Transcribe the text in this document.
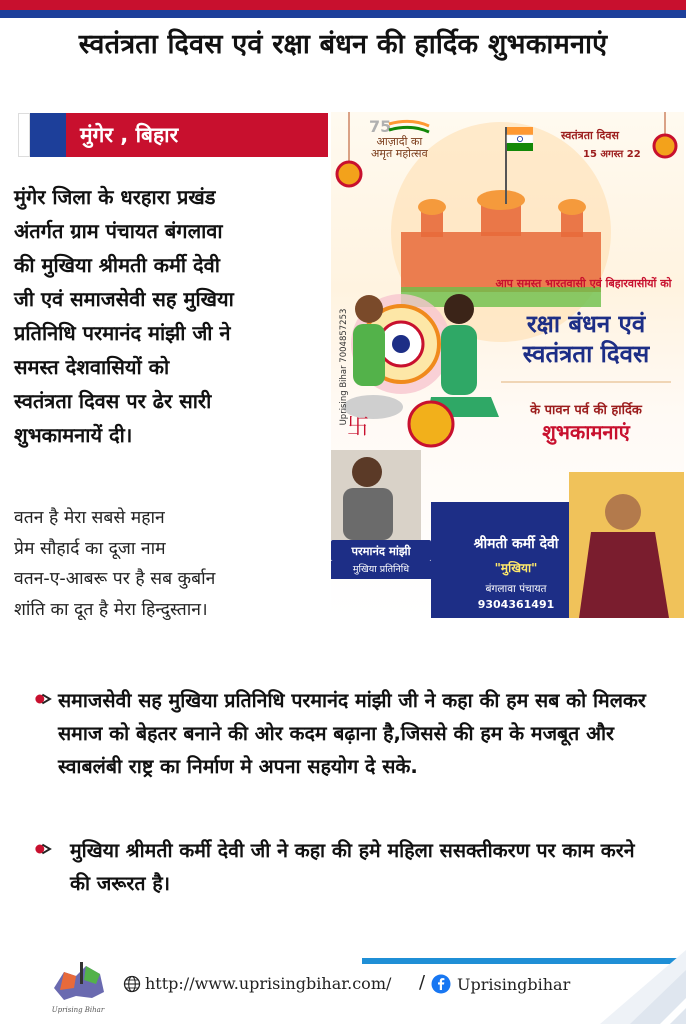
स्वतंत्रता दिवस एवं रक्षा बंधन की हार्दिक शुभकामनाएं
मुंगेर , बिहार

मुंगेर जिला के धरहारा प्रखंड
अंतर्गत ग्राम पंचायत बंगलावा
की मुखिया श्रीमती कर्मी देवी
जी एवं समाजसेवी सह मुखिया
प्रतिनिधि परमानंद मांझी जी ने
समस्त देशवासियों को
स्वतंत्रता दिवस पर ढेर सारी
शुभकामनायें दी।

वतन है मेरा सबसे महान
प्रेम सौहार्द का दूजा नाम
वतन-ए-आबरू पर है सब कुर्बान
शांति का दूत है मेरा हिन्दुस्तान।
75
卐
आज़ादी का
अमृत महोत्सव
स्वतंत्रता दिवस
15 अगस्त 22
आप समस्त भारतवासी एवं बिहारवासीयों को
रक्षा बंधन एवं
स्वतंत्रता दिवस
के पावन पर्व की हार्दिक
शुभकामनाएं
Uprising Bihar 7004857253
परमानंद मांझी
मुखिया प्रतिनिधि
श्रीमती कर्मी देवी
"मुखिया"
बंगलावा पंचायत
9304361491
समाजसेवी सह मुखिया प्रतिनिधि परमानंद मांझी जी ने कहा की हम सब को मिलकर समाज को बेहतर बनाने की ओर कदम बढ़ाना है,जिससे की हम के मजबूत और स्वाबलंबी राष्ट्र का निर्माण मे अपना सहयोग दे सके.
मुखिया श्रीमती कर्मी देवी जी ने कहा की हमे महिला ससक्तीकरण पर काम करने की जरूरत है।
Uprising Bihar
http://www.uprisingbihar.com/ / Uprisingbihar
